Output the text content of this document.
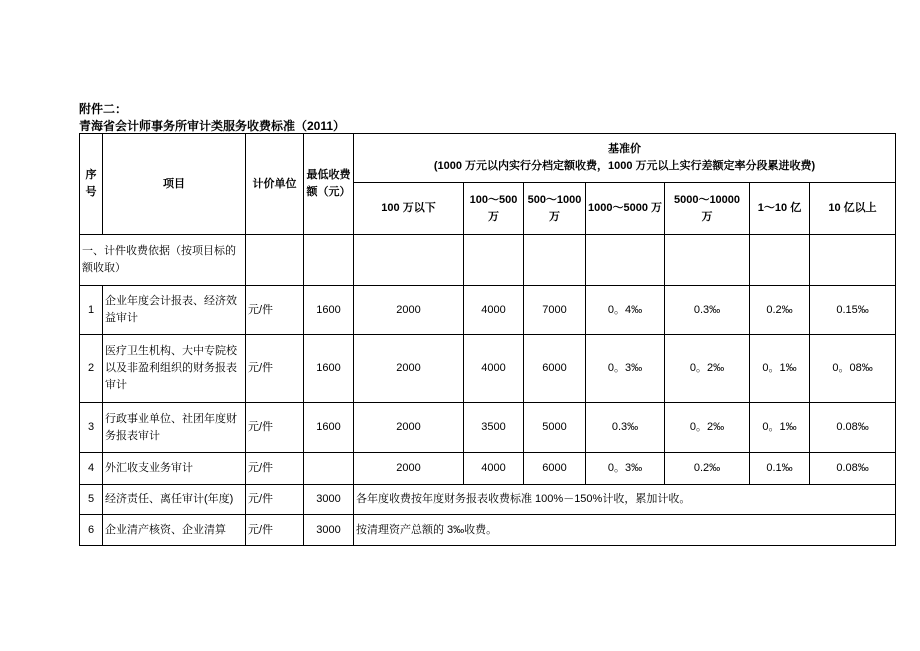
附件二：
青海省会计师事务所审计类服务收费标准（2011）
序号	项目	计价单位	最低收费额（元）	基准价
(1000 万元以内实行分档定额收费，1000 万元以上实行差额定率分段累进收费)						

				100 万以下	100～500 万	500～1000 万	1000～5000 万	5000～10000 万	1～10 亿	10 亿以上
一、计件收费依据（按项目标的额收取）										
1	企业年度会计报表、经济效益审计	元/件	1600	2000	4000	7000	0。4‰	0.3‰	0.2‰	0.15‰
2	医疗卫生机构、大中专院校以及非盈利组织的财务报表审计	元/件	1600	2000	4000	6000	0。3‰	0。2‰	0。1‰	0。08‰
3	行政事业单位、社团年度财务报表审计	元/件	1600	2000	3500	5000	0.3‰	0。2‰	0。1‰	0.08‰
4	外汇收支业务审计	元/件		2000	4000	6000	0。3‰	0.2‰	0.1‰	0.08‰
5	经济责任、离任审计(年度)	元/件	3000	各年度收费按年度财务报表收费标准 100%－150%计收，累加计收。						
6	企业清产核资、企业清算	元/件	3000	按清理资产总额的 3‰收费。						
